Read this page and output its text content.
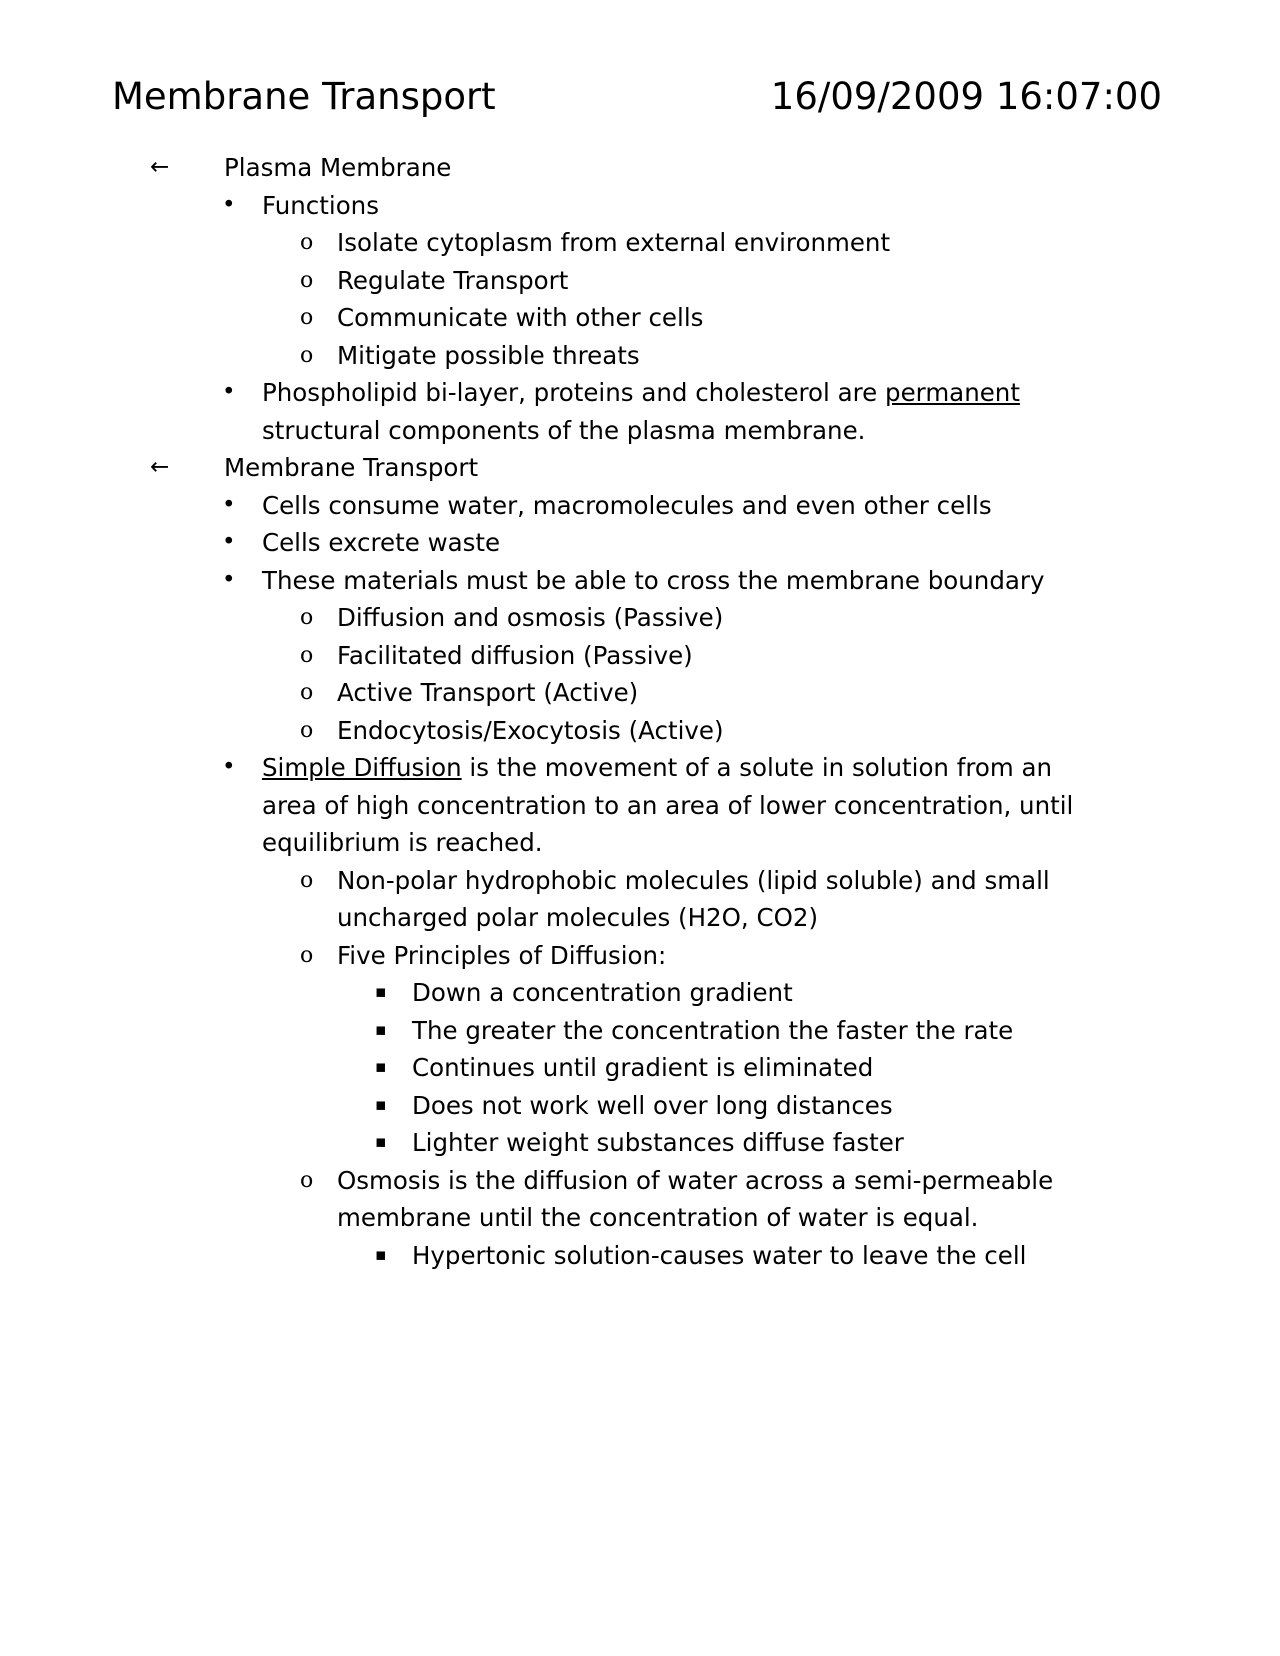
Membrane Transport	16/09/2009 16:07:00
← Plasma Membrane
• Functions
o Isolate cytoplasm from external environment
o Regulate Transport
o Communicate with other cells
o Mitigate possible threats
• Phospholipid bi-layer, proteins and cholesterol are permanent structural components of the plasma membrane.
← Membrane Transport
• Cells consume water, macromolecules and even other cells
• Cells excrete waste
• These materials must be able to cross the membrane boundary
o Diffusion and osmosis (Passive)
o Facilitated diffusion (Passive)
o Active Transport (Active)
o Endocytosis/Exocytosis (Active)
• Simple Diffusion is the movement of a solute in solution from an area of high concentration to an area of lower concentration, until equilibrium is reached.
o Non-polar hydrophobic molecules (lipid soluble) and small uncharged polar molecules (H2O, CO2)
o Five Principles of Diffusion:
▪ Down a concentration gradient
▪ The greater the concentration the faster the rate
▪ Continues until gradient is eliminated
▪ Does not work well over long distances
▪ Lighter weight substances diffuse faster
o Osmosis is the diffusion of water across a semi-permeable membrane until the concentration of water is equal.
▪ Hypertonic solution-causes water to leave the cell
